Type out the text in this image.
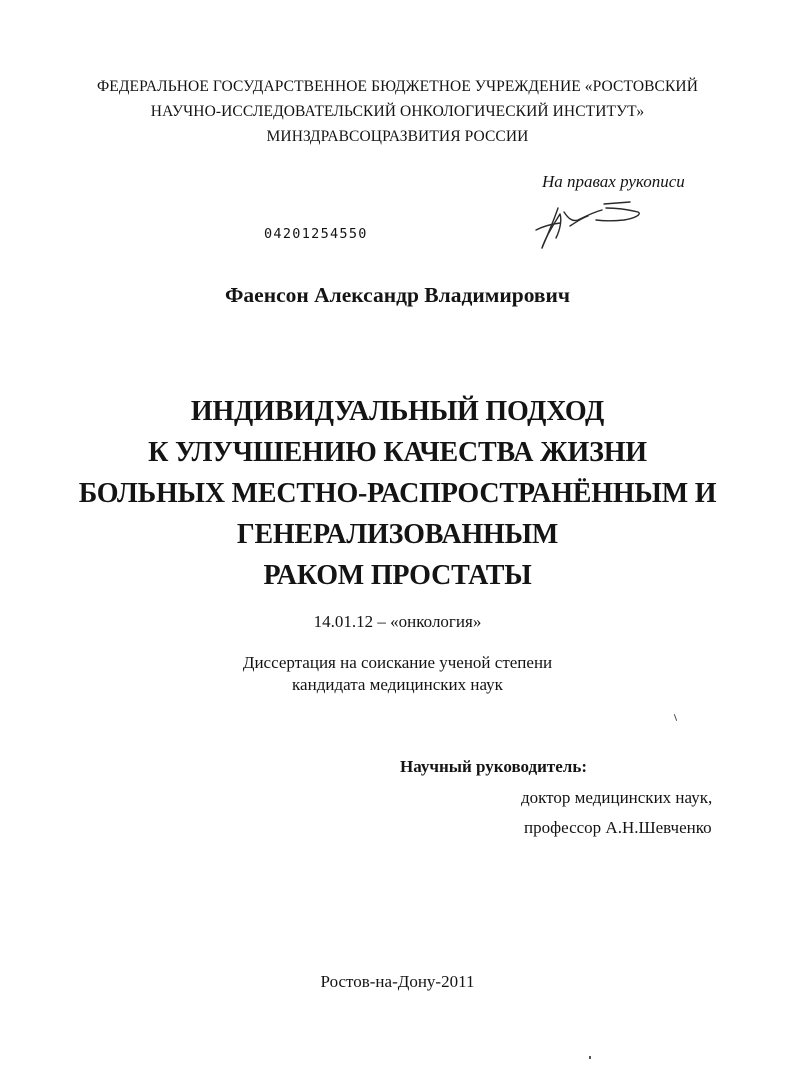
ФЕДЕРАЛЬНОЕ ГОСУДАРСТВЕННОЕ БЮДЖЕТНОЕ УЧРЕЖДЕНИЕ «РОСТОВСКИЙ
НАУЧНО-ИССЛЕДОВАТЕЛЬСКИЙ ОНКОЛОГИЧЕСКИЙ ИНСТИТУТ»
МИНЗДРАВСОЦРАЗВИТИЯ РОССИИ
На правах рукописи
04201254550
Фаенсон Александр Владимирович
ИНДИВИДУАЛЬНЫЙ ПОДХОД
К УЛУЧШЕНИЮ КАЧЕСТВА ЖИЗНИ
БОЛЬНЫХ МЕСТНО-РАСПРОСТРАНЁННЫМ И
ГЕНЕРАЛИЗОВАННЫМ
РАКОМ ПРОСТАТЫ
14.01.12 – «онкология»
Диссертация на соискание ученой степени
кандидата медицинских наук
Научный руководитель:
доктор медицинских наук,
профессор А.Н.Шевченко
Ростов-на-Дону-2011
